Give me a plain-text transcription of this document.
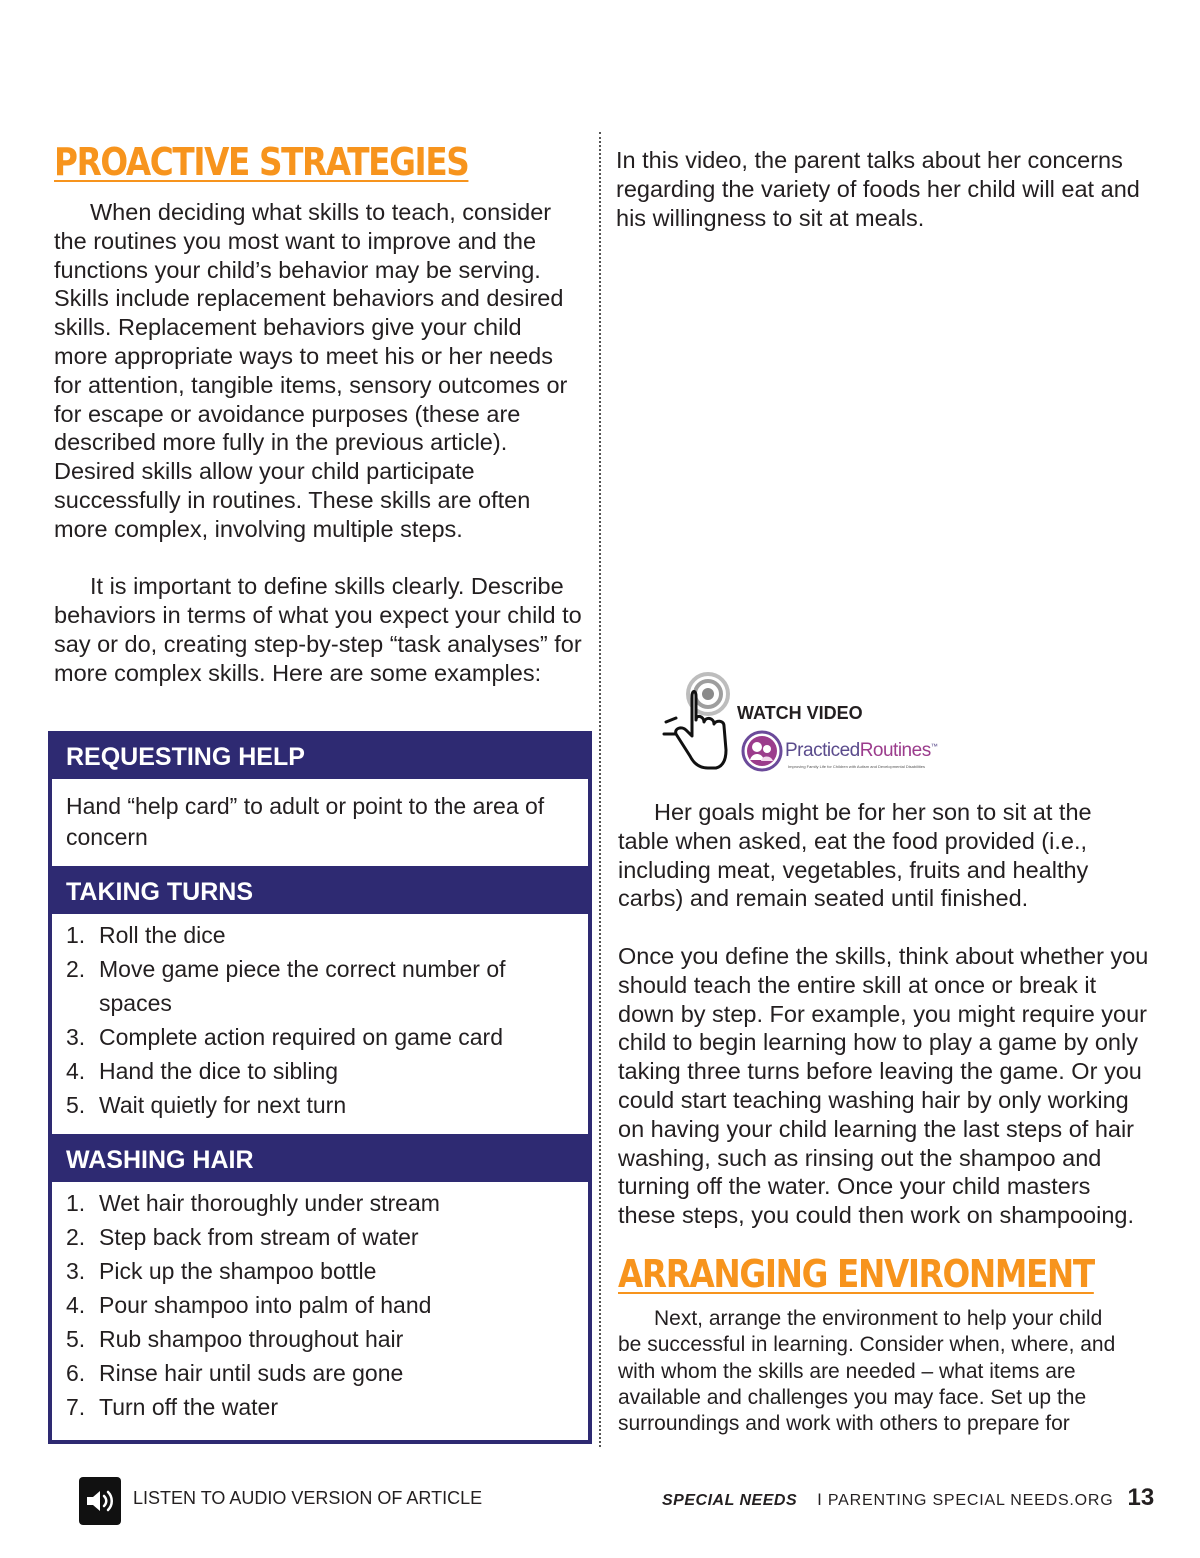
PROACTIVE STRATEGIES

When deciding what skills to teach, consider the routines you most want to improve and the functions your child’s behavior may be serving. Skills include replacement behaviors and desired skills. Replacement behaviors give your child more appropriate ways to meet his or her needs for attention, tangible items, sensory outcomes or for escape or avoidance purposes (these are described more fully in the previous article). Desired skills allow your child participate successfully in routines. These skills are often more complex, involving multiple steps.

It is important to define skills clearly. Describe behaviors in terms of what you expect your child to say or do, creating step-by-step “task analyses” for more complex skills. Here are some examples:

REQUESTING HELP
Hand “help card” to adult or point to the area of concern
TAKING TURNS
1. Roll the dice
2. Move game piece the correct number of spaces
3. Complete action required on game card
4. Hand the dice to sibling
5. Wait quietly for next turn
WASHING HAIR
1. Wet hair thoroughly under stream
2. Step back from stream of water
3. Pick up the shampoo bottle
4. Pour shampoo into palm of hand
5. Rub shampoo throughout hair
6. Rinse hair until suds are gone
7. Turn off the water

In this video, the parent talks about her concerns regarding the variety of foods her child will eat and his willingness to sit at meals.

WATCH VIDEO
PracticedRoutines™
Improving Family Life for Children with Autism and Developmental Disabilities

Her goals might be for her son to sit at the table when asked, eat the food provided (i.e., including meat, vegetables, fruits and healthy carbs) and remain seated until finished.

Once you define the skills, think about whether you should teach the entire skill at once or break it down by step. For example, you might require your child to begin learning how to play a game by only taking three turns before leaving the game. Or you could start teaching washing hair by only working on having your child learning the last steps of hair washing, such as rinsing out the shampoo and turning off the water. Once your child masters these steps, you could then work on shampooing.

ARRANGING ENVIRONMENT

Next, arrange the environment to help your child be successful in learning. Consider when, where, and with whom the skills are needed – what items are available and challenges you may face. Set up the surroundings and work with others to prepare for

LISTEN TO AUDIO VERSION OF ARTICLE	SPECIAL NEEDS I PARENTING SPECIAL NEEDS.ORG 13
